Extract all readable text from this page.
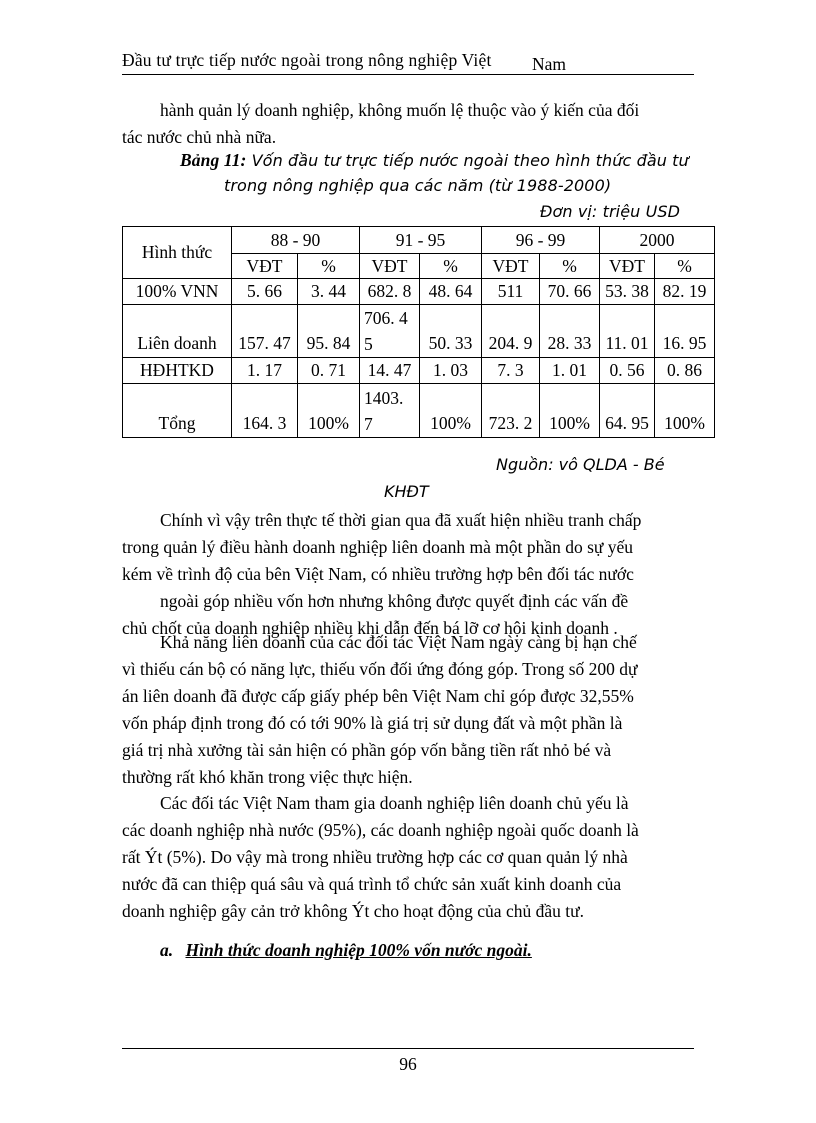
Đầu tư trực tiếp nước ngoài trong nông nghiệp Việt Nam
hành quản lý doanh nghiệp, không muốn lệ thuộc vào ý kiến của đối
tác nước chủ nhà nữa.
Bảng 11: Vốn đầu tư trực tiếp nước ngoài theo hình thức đầu tư
trong nông nghiệp qua các năm (từ 1988-2000)
Đơn vị: triệu USD
Hình thức	88 - 90		91 - 95		96 - 99		2000	
	VĐT	%	VĐT	%	VĐT	%	VĐT	%
100% VNN	5. 66	3. 44	682. 8	48. 64	511	70. 66	53. 38	82. 19
Liên doanh	157. 47	95. 84	706. 45	50. 33	204. 9	28. 33	11. 01	16. 95
HĐHTKD	1. 17	0. 71	14. 47	1. 03	7. 3	1. 01	0. 56	0. 86
Tổng	164. 3	100%	1403. 7	100%	723. 2	100%	64. 95	100%
Nguồn: vô QLDA - Bé
KHĐT
Chính vì vậy trên thực tế thời gian qua đã xuất hiện nhiều tranh chấp
trong quản lý điều hành doanh nghiệp liên doanh mà một phần do sự yếu
kém về trình độ của bên Việt Nam, có nhiều trường hợp bên đối tác nước
ngoài góp nhiều vốn hơn nhưng không được quyết định các vấn đề
chủ chốt của doanh nghiệp nhiều khi dẫn đến bá lỡ cơ hội kinh doanh .
Khả năng liên doanh của các đối tác Việt Nam ngày càng bị hạn chế
vì thiếu cán bộ có năng lực, thiếu vốn đối ứng đóng góp. Trong số 200 dự
án liên doanh đã được cấp giấy phép bên Việt Nam chỉ góp được 32,55%
vốn pháp định trong đó có tới 90% là giá trị sử dụng đất và một phần là
giá trị nhà xưởng tài sản hiện có phần góp vốn bằng tiền rất nhỏ bé và
thường rất khó khăn trong việc thực hiện.
Các đối tác Việt Nam tham gia doanh nghiệp liên doanh chủ yếu là
các doanh nghiệp nhà nước (95%), các doanh nghiệp ngoài quốc doanh là
rất Ýt (5%). Do vậy mà trong nhiều trường hợp các cơ quan quản lý nhà
nước đã can thiệp quá sâu và quá trình tổ chức sản xuất kinh doanh của
doanh nghiệp gây cản trở không Ýt cho hoạt động của chủ đầu tư.
a. Hình thức doanh nghiệp 100% vốn nước ngoài.
96
